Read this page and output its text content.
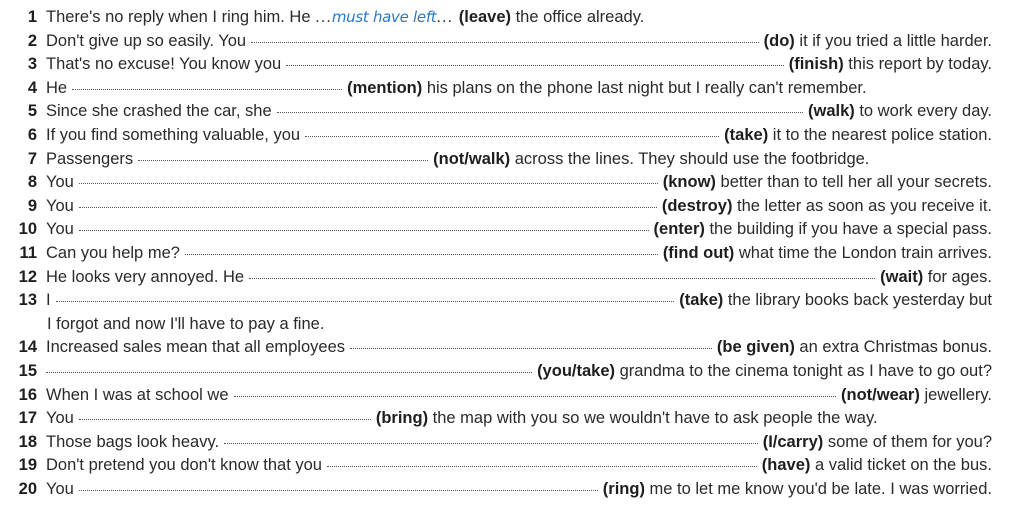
1 There's no reply when I ring him. He ... must have left ... (leave) the office already.
2 Don't give up so easily. You	(do) it if you tried a little harder.
3 That's no excuse! You know you	(finish) this report by today.
4 He	(mention) his plans on the phone last night but I really can't remember.
5 Since she crashed the car, she	(walk) to work every day.
6 If you find something valuable, you	(take) it to the nearest police station.
7 Passengers	(not/walk) across the lines. They should use the footbridge.
8 You	(know) better than to tell her all your secrets.
9 You	(destroy) the letter as soon as you receive it.
10 You	(enter) the building if you have a special pass.
11 Can you help me?	(find out) what time the London train arrives.
12 He looks very annoyed. He	(wait) for ages.
13 I	(take) the library books back yesterday but
I forgot and now I'll have to pay a fine.
14 Increased sales mean that all employees	(be given) an extra Christmas bonus.
15	(you/take) grandma to the cinema tonight as I have to go out?
16 When I was at school we	(not/wear) jewellery.
17 You	(bring) the map with you so we wouldn't have to ask people the way.
18 Those bags look heavy.	(I/carry) some of them for you?
19 Don't pretend you don't know that you	(have) a valid ticket on the bus.
20 You	(ring) me to let me know you'd be late. I was worried.
